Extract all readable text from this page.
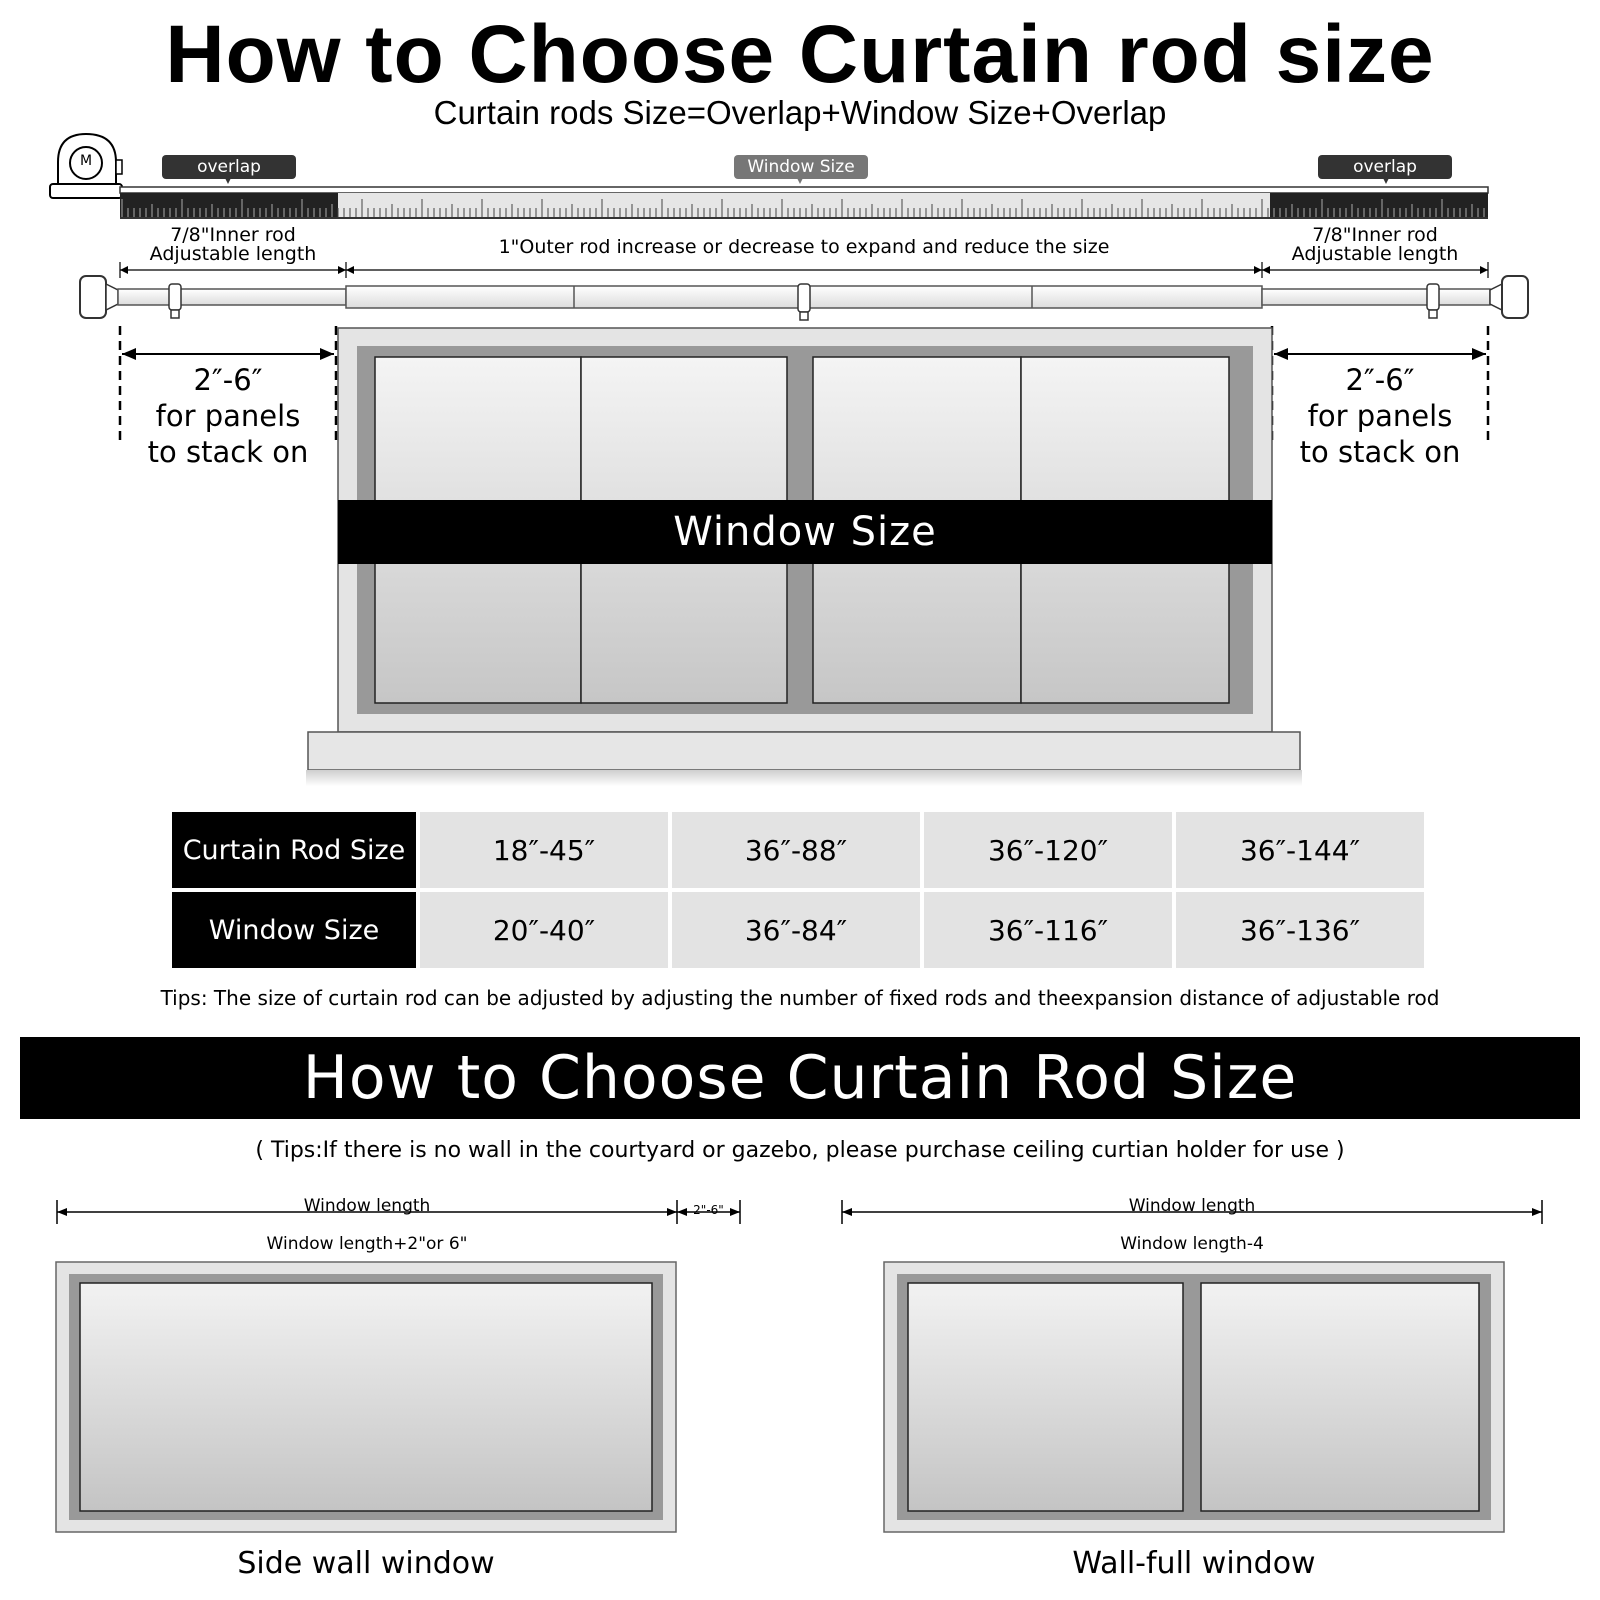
How to Choose Curtain rod size
Curtain rods Size=Overlap+Window Size+Overlap
overlap	Window Size	overlap
M
7/8"Inner rod
Adjustable length	1"Outer rod increase or decrease to expand and reduce the size
7/8"Inner rod
Adjustable length
2″-6″
for panels
to stack on
2″-6″
for panels
to stack on
Window Size
Curtain Rod Size	18″-45″	36″-88″	36″-120″	36″-144″
Window Size	20″-40″	36″-84″	36″-116″	36″-136″
Tips: The size of curtain rod can be adjusted by adjusting the number of fixed rods and theexpansion distance of adjustable rod
How to Choose Curtain Rod Size
( Tips:If there is no wall in the courtyard or gazebo, please purchase ceiling curtian holder for use )
Window length
Window length+2"or 6"
2"-6"
Side wall window
Window length
Window length-4
Wall-full window
